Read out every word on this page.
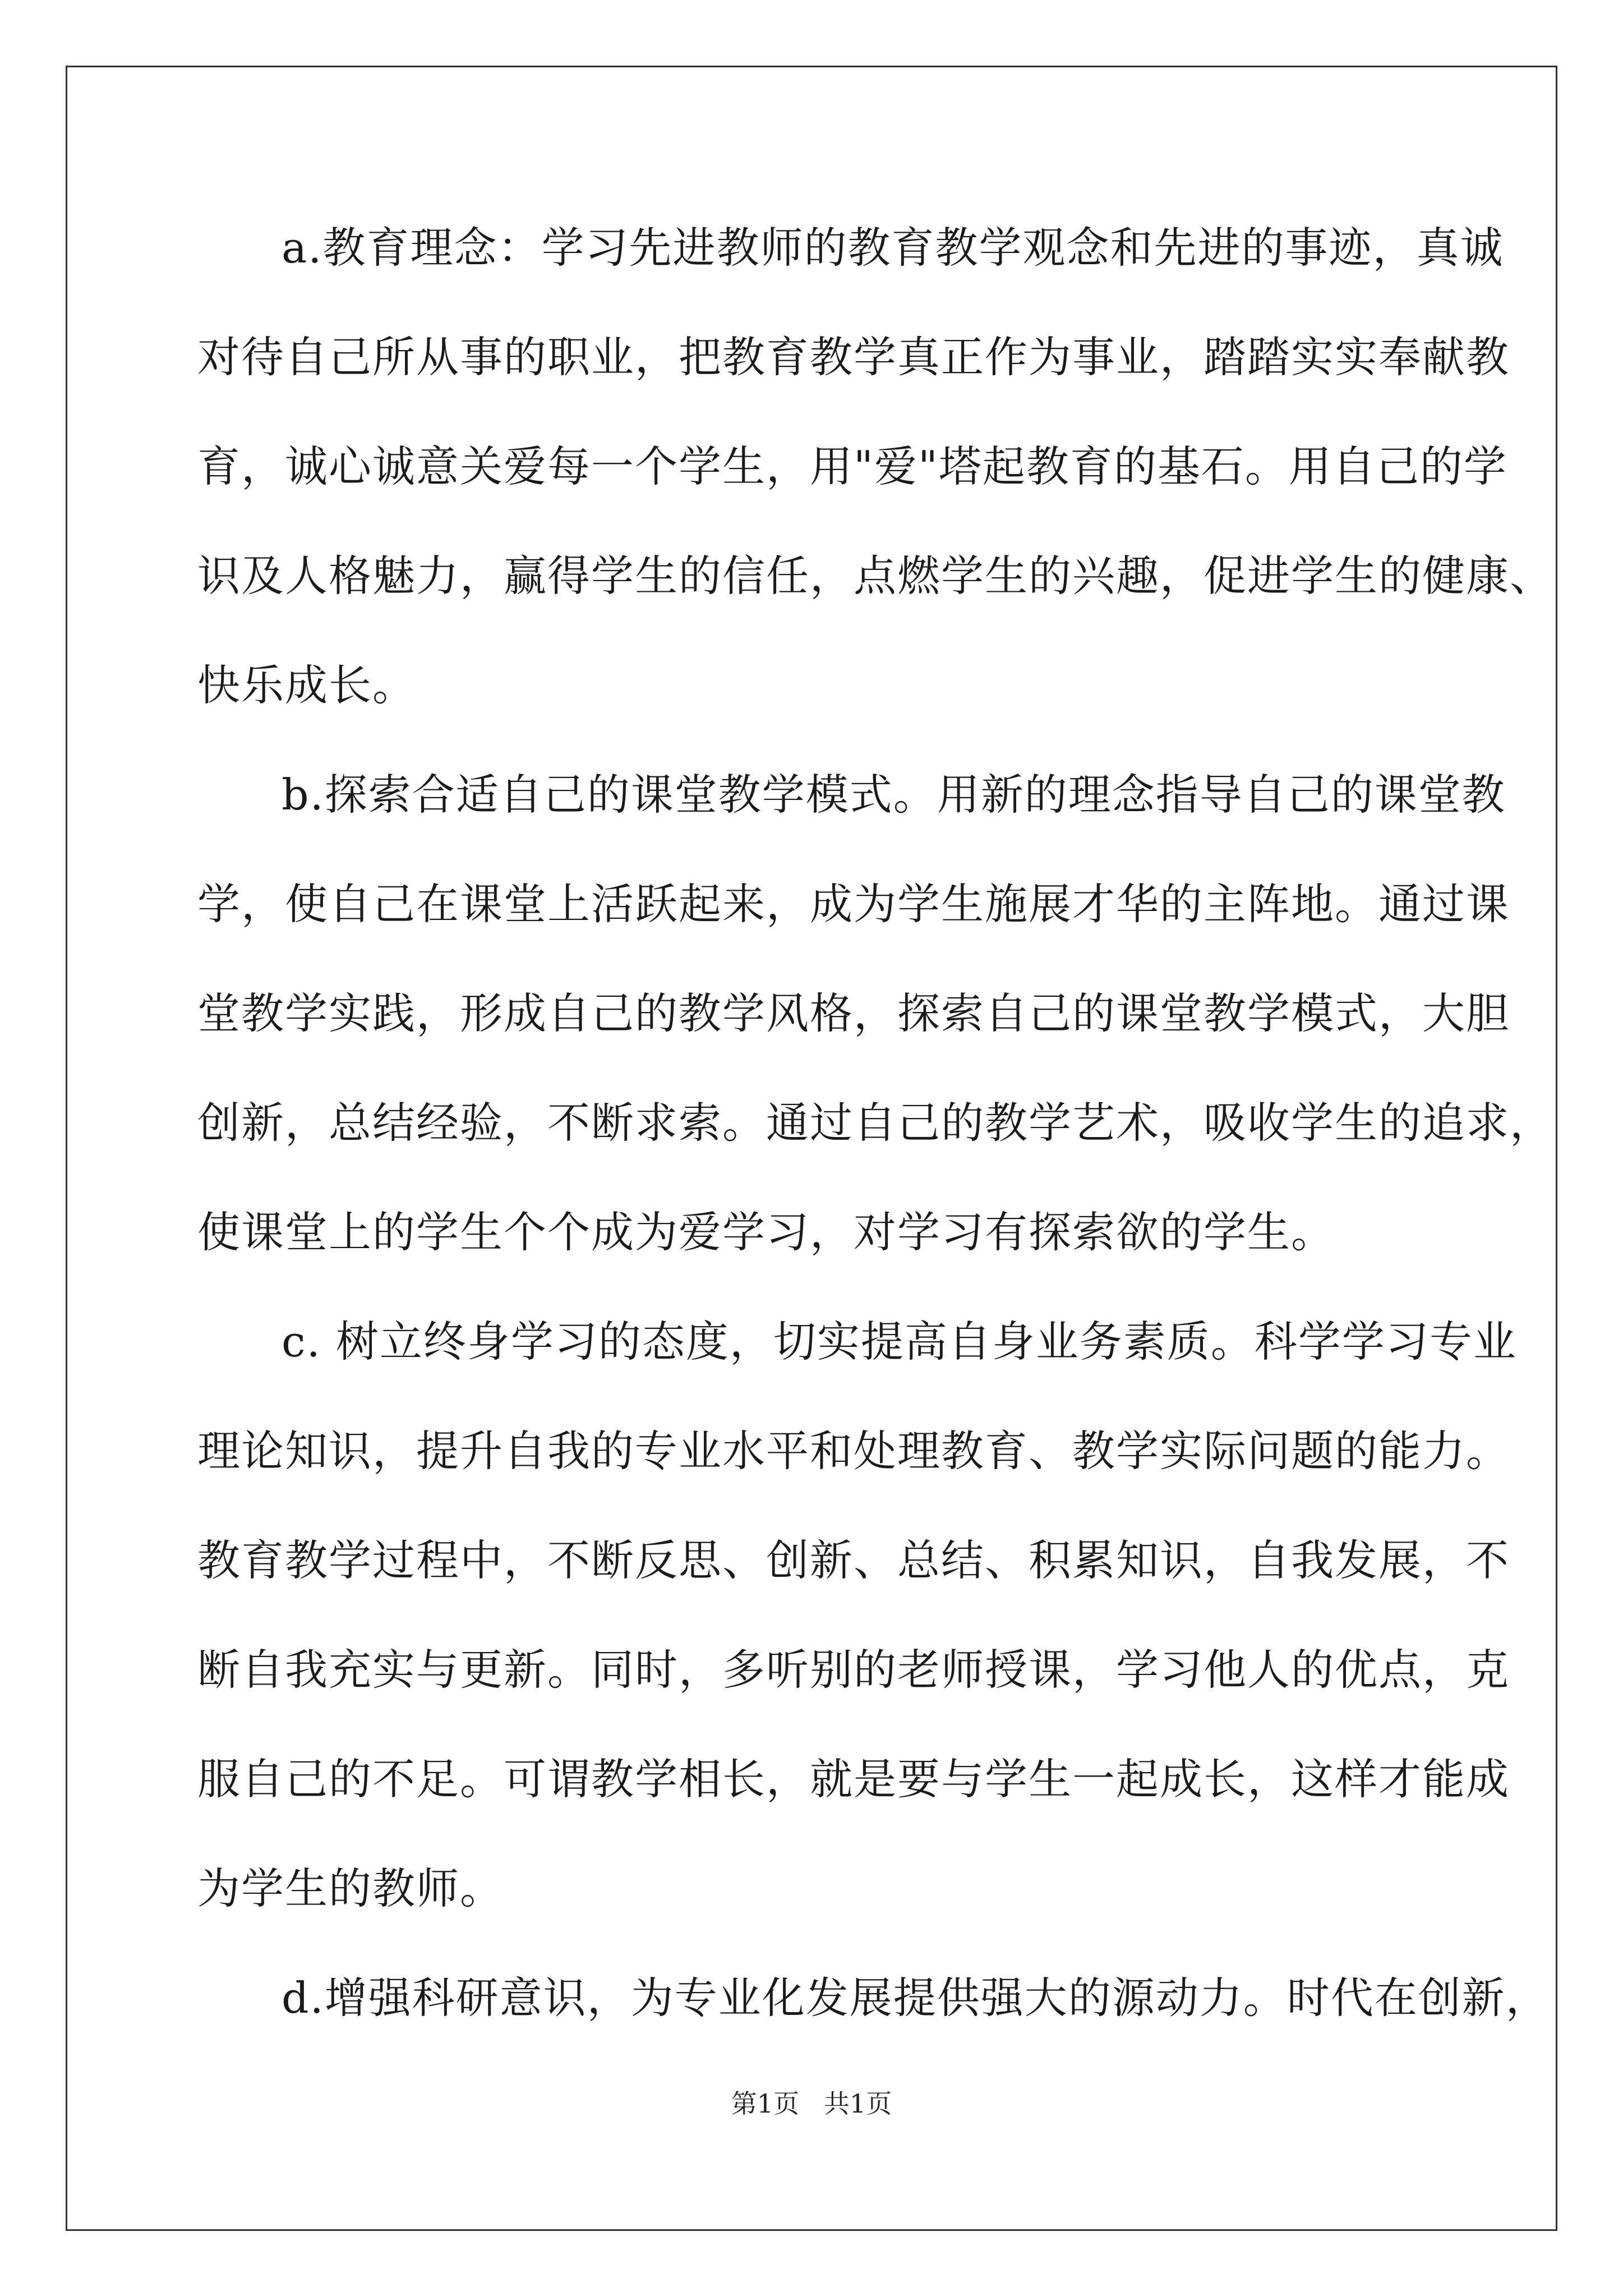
a.教育理念：学习先进教师的教育教学观念和先进的事迹，真诚
对待自己所从事的职业，把教育教学真正作为事业，踏踏实实奉献教
育，诚心诚意关爱每一个学生，用"爱"塔起教育的基石。用自己的学
识及人格魅力，赢得学生的信任，点燃学生的兴趣，促进学生的健康、
快乐成长。
b.探索合适自己的课堂教学模式。用新的理念指导自己的课堂教
学，使自己在课堂上活跃起来，成为学生施展才华的主阵地。通过课
堂教学实践，形成自己的教学风格，探索自己的课堂教学模式，大胆
创新，总结经验，不断求索。通过自己的教学艺术，吸收学生的追求，
使课堂上的学生个个成为爱学习，对学习有探索欲的学生。
c. 树立终身学习的态度，切实提高自身业务素质。科学学习专业
理论知识，提升自我的专业水平和处理教育、教学实际问题的能力。
教育教学过程中，不断反思、创新、总结、积累知识，自我发展，不
断自我充实与更新。同时，多听别的老师授课，学习他人的优点，克
服自己的不足。可谓教学相长，就是要与学生一起成长，这样才能成
为学生的教师。
d.增强科研意识，为专业化发展提供强大的源动力。时代在创新，
第1页   共1页
